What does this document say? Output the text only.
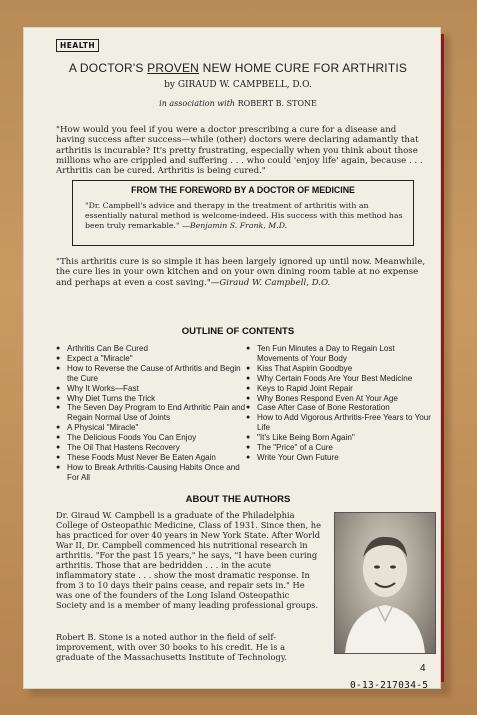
HEALTH
A DOCTOR'S PROVEN NEW HOME CURE FOR ARTHRITIS
by GIRAUD W. CAMPBELL, D.O.
in association with ROBERT B. STONE
"How would you feel if you were a doctor prescribing a cure for a disease and having success after success—while (other) doctors were declaring adamantly that arthritis is incurable? It's pretty frustrating, especially when you think about those millions who are crippled and suffering . . . who could 'enjoy life' again, because . . . Arthritis can be cured. Arthritis is being cured."
FROM THE FOREWORD BY A DOCTOR OF MEDICINE
"Dr. Campbell's advice and therapy in the treatment of arthritis with an essentially natural method is welcome-indeed. His success with this method has been truly remarkable." —Benjamin S. Frank, M.D.
"This arthritis cure is so simple it has been largely ignored up until now. Meanwhile, the cure lies in your own kitchen and on your own dining room table at no expense and perhaps at even a cost saving."—Giraud W. Campbell, D.O.
OUTLINE OF CONTENTS
● Arthritis Can Be Cured
● Expect a "Miracle"
● How to Reverse the Cause of Arthritis and Begin the Cure
● Why It Works—Fast
● Why Diet Turns the Trick
● The Seven Day Program to End Arthritic Pain and Regain Normal Use of Joints
● A Physical "Miracle"
● The Delicious Foods You Can Enjoy
● The Oil That Hastens Recovery
● These Foods Must Never Be Eaten Again
● How to Break Arthritis-Causing Habits Once and For All
● Ten Fun Minutes a Day to Regain Lost Movements of Your Body
● Kiss That Aspirin Goodbye
● Why Certain Foods Are Your Best Medicine
● Keys to Rapid Joint Repair
● Why Bones Respond Even At Your Age
● Case After Case of Bone Restoration
● How to Add Vigorous Arthritis-Free Years to Your Life
● "It's Like Being Born Again"
● The "Price" of a Cure
● Write Your Own Future
ABOUT THE AUTHORS
Dr. Giraud W. Campbell is a graduate of the Philadelphia College of Osteopathic Medicine, Class of 1931. Since then, he has practiced for over 40 years in New York State. After World War II, Dr. Campbell commenced his nutritional research in arthritis. "For the past 15 years," he says, "I have been curing arthritis. Those that are bedridden . . . in the acute inflammatory state . . . show the most dramatic response. In from 3 to 10 days their pains cease, and repair sets in." He was one of the founders of the Long Island Osteopathic Society and is a member of many leading professional groups.
Robert B. Stone is a noted author in the field of self-improvement, with over 30 books to his credit. He is a graduate of the Massachusetts Institute of Technology.
4
0-13-217034-5
